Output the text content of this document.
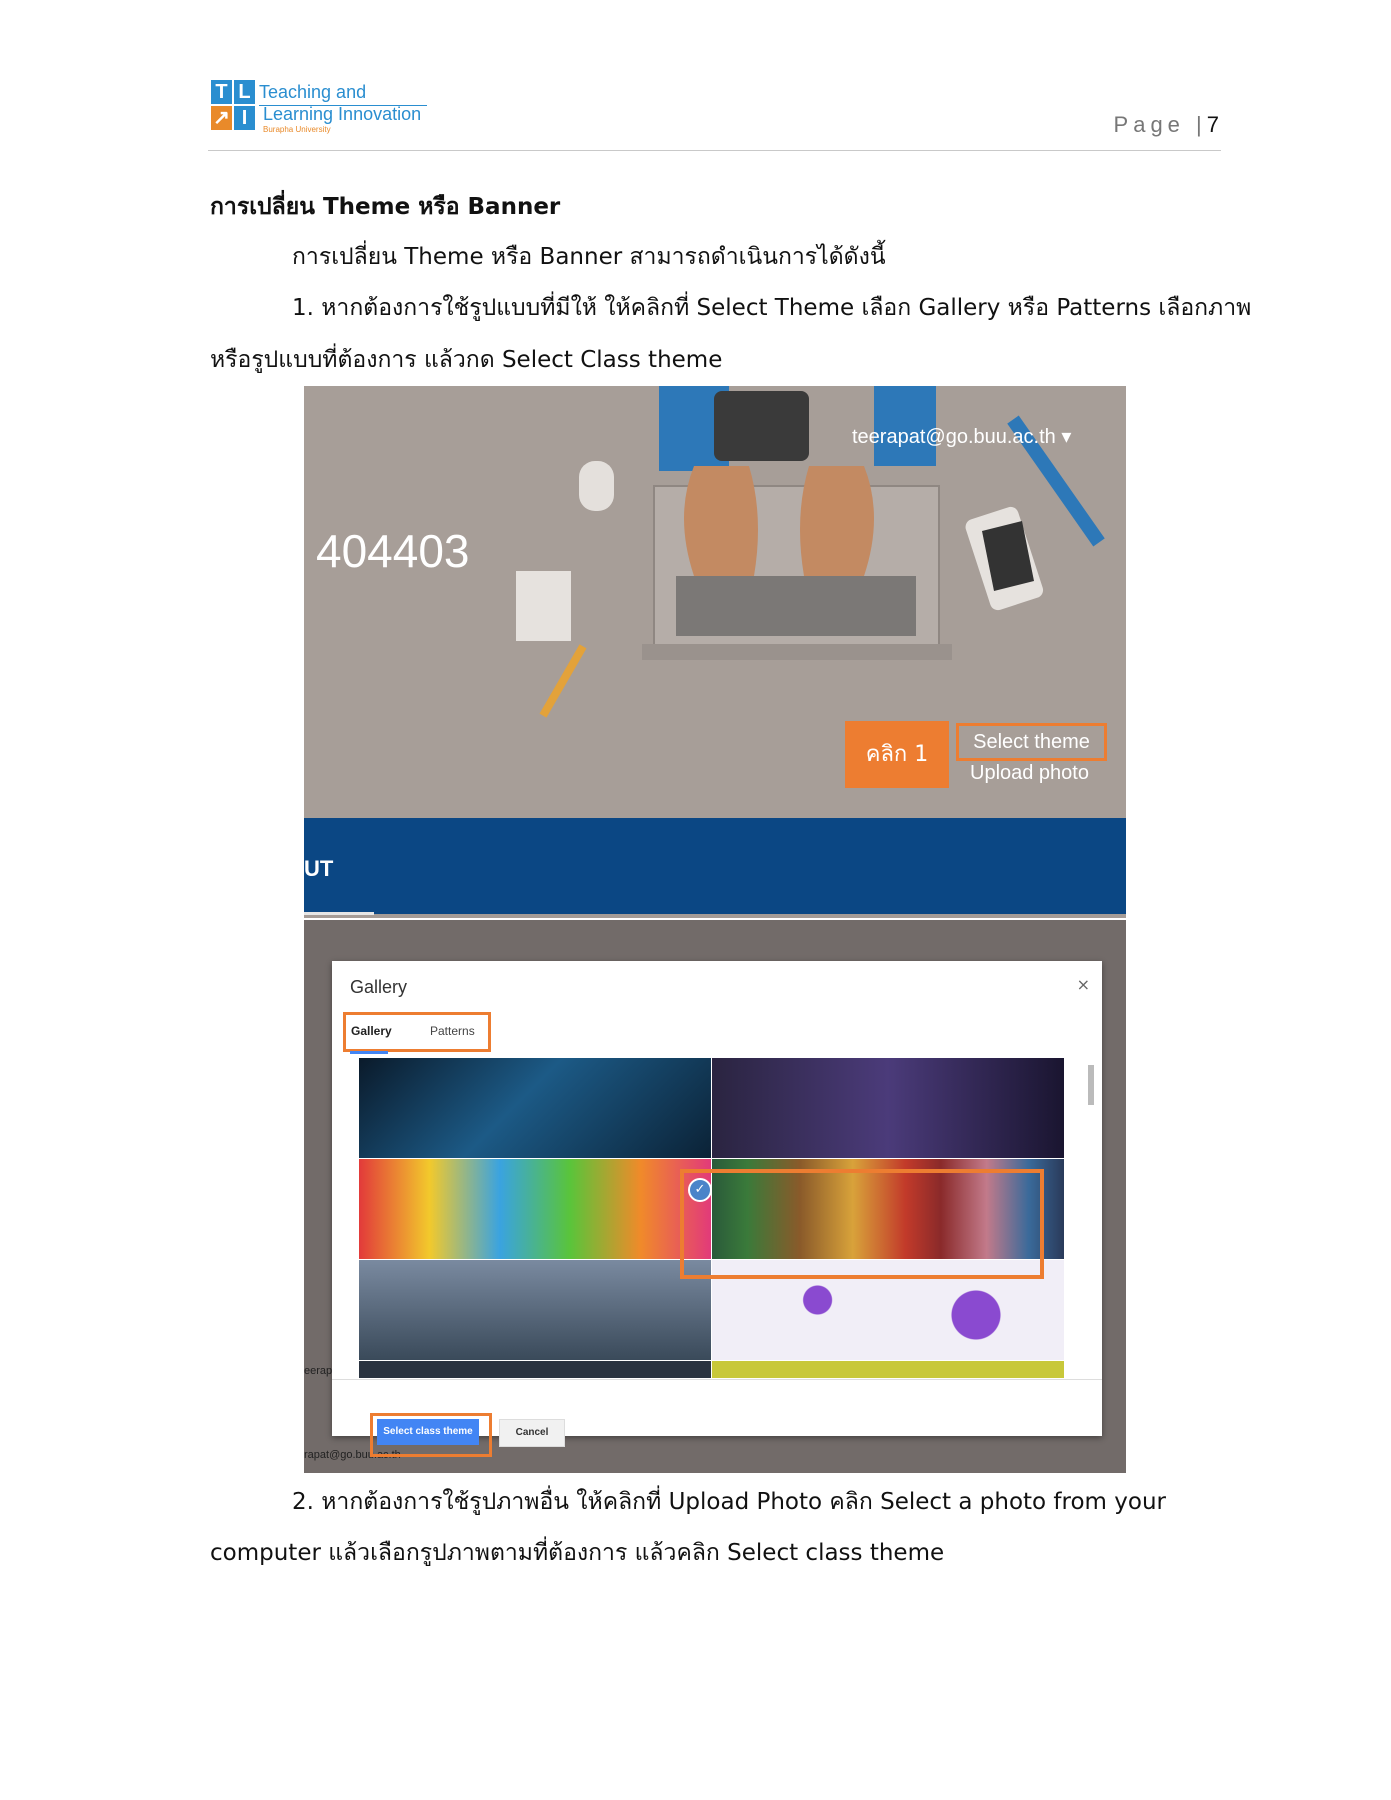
T L
↗ I
Teaching and
Learning Innovation
Burapha University	Page |7
การเปลี่ยน Theme หรือ Banner
การเปลี่ยน Theme หรือ Banner สามารถดำเนินการได้ดังนี้
1. หากต้องการใช้รูปแบบที่มีให้ ให้คลิกที่ Select Theme เลือก Gallery หรือ Patterns เลือกภาพ
หรือรูปแบบที่ต้องการ แล้วกด Select Class theme
404403
teerapat@go.buu.ac.th ▾
คลิก 1	Select theme
Upload photo
UT
eerap
rapat@go.buu.ac.th
Gallery	×
Gallery	Patterns
Select class theme	Cancel
✓
2. หากต้องการใช้รูปภาพอื่น ให้คลิกที่ Upload Photo คลิก Select a photo from your
computer แล้วเลือกรูปภาพตามที่ต้องการ แล้วคลิก Select class theme
